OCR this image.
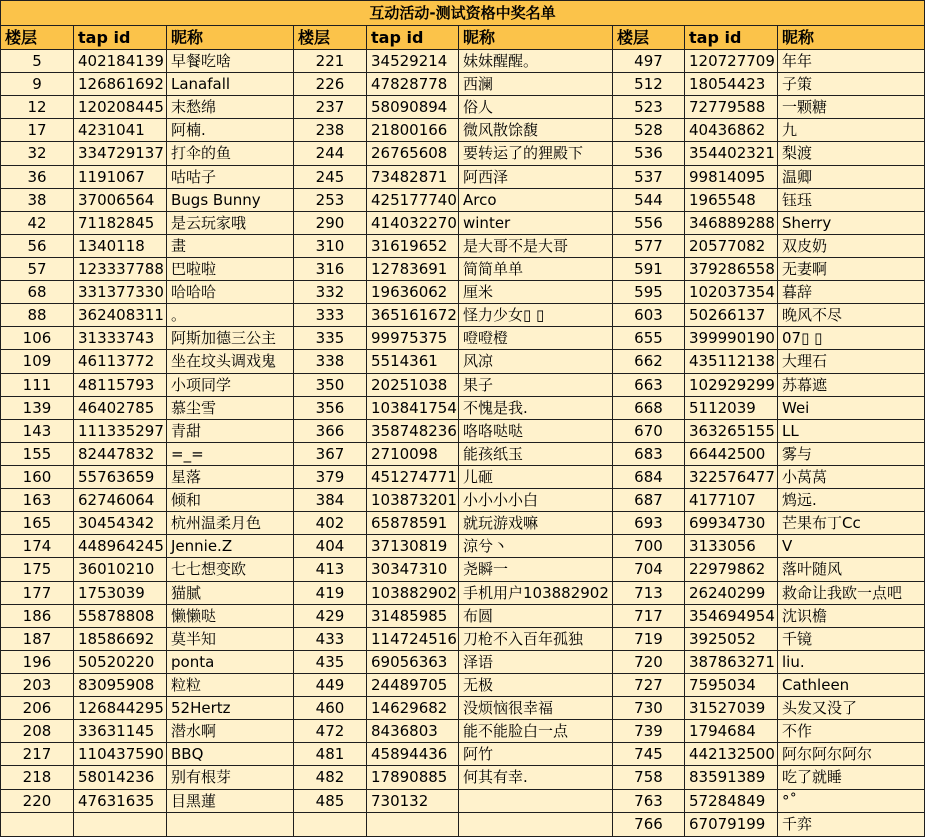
互动活动-测试资格中奖名单								
楼层	tap id	昵称	楼层	tap id	昵称	楼层	tap id	昵称
5	402184139	早餐吃啥	221	34529214	妹妹醒醒。	497	120727709	年年
9	126861692	Lanafall	226	47828778	西澜	512	18054423	子策
12	120208445	末愁绵	237	58090894	俗人	523	72779588	一颗糖
17	4231041	阿楠.	238	21800166	微风散馀馥	528	40436862	九
32	334729137	打伞的鱼	244	26765608	要转运了的狸殿下	536	354402321	梨渡
36	1191067	咕咕子	245	73482871	阿西泽	537	99814095	温卿
38	37006564	Bugs Bunny	253	425177740	Arco	544	1965548	钰珏
42	71182845	是云玩家哦	290	414032270	winter	556	346889288	Sherry
56	1340118	畫	310	31619652	是大哥不是大哥	577	20577082	双皮奶
57	123337788	巴啦啦	316	12783691	简简单单	591	379286558	无妻啊
68	331377330	哈哈哈	332	19636062	厘米	595	102037354	暮辞
88	362408311	。	333	365161672	怪力少女▯ ▯	603	50266137	晚风不尽
106	31333743	阿斯加德三公主	335	99975375	噔噔橙	655	399990190	07▯ ▯
109	46113772	坐在坟头调戏鬼	338	5514361	风凉	662	435112138	大理石
111	48115793	小项同学	350	20251038	果子	663	102929299	苏幕遮
139	46402785	慕尘雪	356	103841754	不愧是我.	668	5112039	Wei
143	111335297	青甜	366	358748236	咯咯哒哒	670	363265155	LL
155	82447832	=_=	367	2710098	能孩纸玉	683	66442500	雾与
160	55763659	星落	379	451274771	儿砸	684	322576477	小莴莴
163	62746064	倾和	384	103873201	小小小小白	687	4177107	鸩远.
165	30454342	杭州温柔月色	402	65878591	就玩游戏嘛	693	69934730	芒果布丁Cc
174	448964245	Jennie.Z	404	37130819	涼兮丶	700	3133056	V
175	36010210	七七想变欧	413	30347310	尧瞬一	704	22979862	落叶随风
177	1753039	猫腻	419	103882902	手机用户103882902	713	26240299	救命让我欧一点吧
186	55878808	懒懒哒	429	31485985	布圆	717	354694954	沈识檐
187	18586692	莫半知	433	114724516	刀枪不入百年孤独	719	3925052	千镜
196	50520220	ponta	435	69056363	泽语	720	387863271	liu.
203	83095908	粒粒	449	24489705	无极	727	7595034	Cathleen
206	126844295	52Hertz	460	14629682	没烦恼很幸福	730	31527039	头发又没了
208	33631145	潜水啊	472	8436803	能不能脸白一点	739	1794684	不作
217	110437590	BBQ	481	45894436	阿竹	745	442132500	阿尔阿尔阿尔
218	58014236	别有根芽	482	17890885	何其有幸.	758	83591389	吃了就睡
220	47631635	目黑蓮	485	730132		763	57284849	°˚
						766	67079199	千弈
